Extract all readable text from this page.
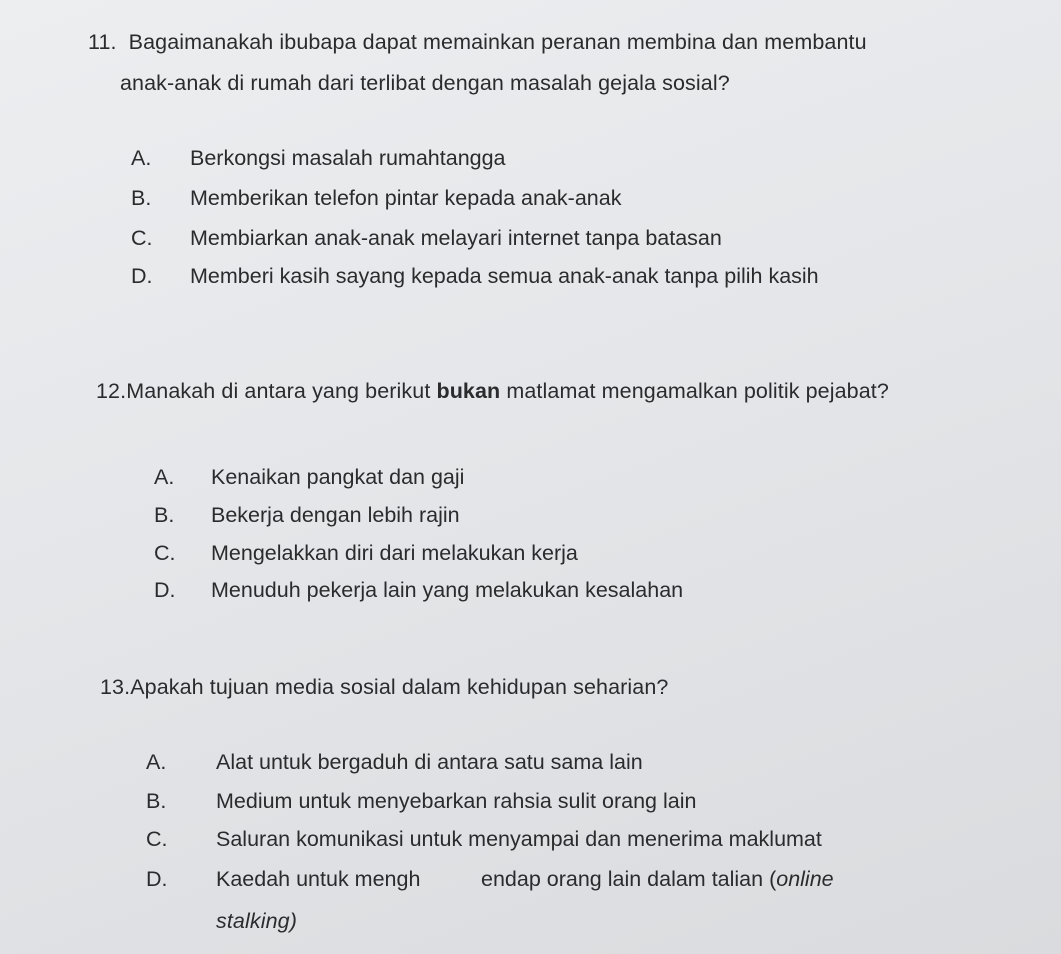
11. Bagaimanakah ibubapa dapat memainkan peranan membina dan membantu
anak-anak di rumah dari terlibat dengan masalah gejala sosial?
A. Berkongsi masalah rumahtangga
B. Memberikan telefon pintar kepada anak-anak
C. Membiarkan anak-anak melayari internet tanpa batasan
D. Memberi kasih sayang kepada semua anak-anak tanpa pilih kasih
12.Manakah di antara yang berikut bukan matlamat mengamalkan politik pejabat?
A. Kenaikan pangkat dan gaji
B. Bekerja dengan lebih rajin
C. Mengelakkan diri dari melakukan kerja
D. Menuduh pekerja lain yang melakukan kesalahan
13.Apakah tujuan media sosial dalam kehidupan seharian?
A. Alat untuk bergaduh di antara satu sama lain
B. Medium untuk menyebarkan rahsia sulit orang lain
C. Saluran komunikasi untuk menyampai dan menerima maklumat
D. Kaedah untuk mengh	endap orang lain dalam talian (online
stalking)
